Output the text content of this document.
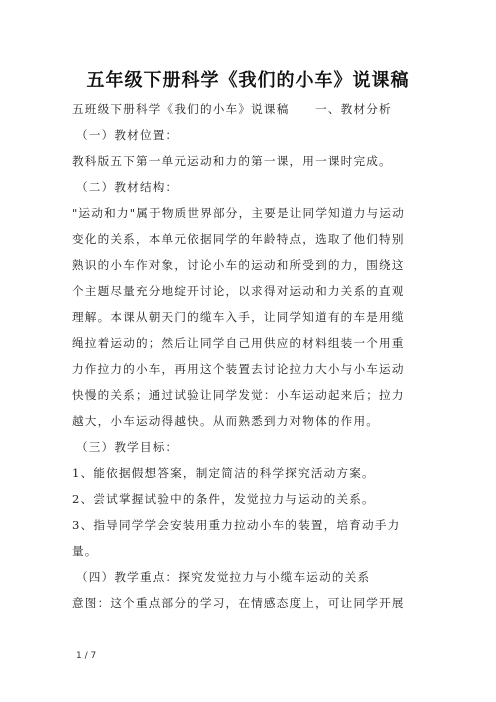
五年级下册科学《我们的小车》说课稿
五班级下册科学《我们的小车》说课稿　　一、教材分析
（一）教材位置：
教科版五下第一单元运动和力的第一课，用一课时完成。
（二）教材结构：
"运动和力"属于物质世界部分，主要是让同学知道力与运动
变化的关系，本单元依据同学的年龄特点，选取了他们特别
熟识的小车作对象，讨论小车的运动和所受到的力，围绕这
个主题尽量充分地绽开讨论，以求得对运动和力关系的直观
理解。本课从朝天门的缆车入手，让同学知道有的车是用缆
绳拉着运动的；然后让同学自己用供应的材料组装一个用重
力作拉力的小车，再用这个装置去讨论拉力大小与小车运动
快慢的关系；通过试验让同学发觉：小车运动起来后；拉力
越大，小车运动得越快。从而熟悉到力对物体的作用。
（三）教学目标：
1、能依据假想答案，制定简洁的科学探究活动方案。
2、尝试掌握试验中的条件，发觉拉力与运动的关系。
3、指导同学学会安装用重力拉动小车的装置，培育动手力
量。
（四）教学重点：探究发觉拉力与小缆车运动的关系
意图：这个重点部分的学习，在情感态度上，可让同学开展
1 / 7
